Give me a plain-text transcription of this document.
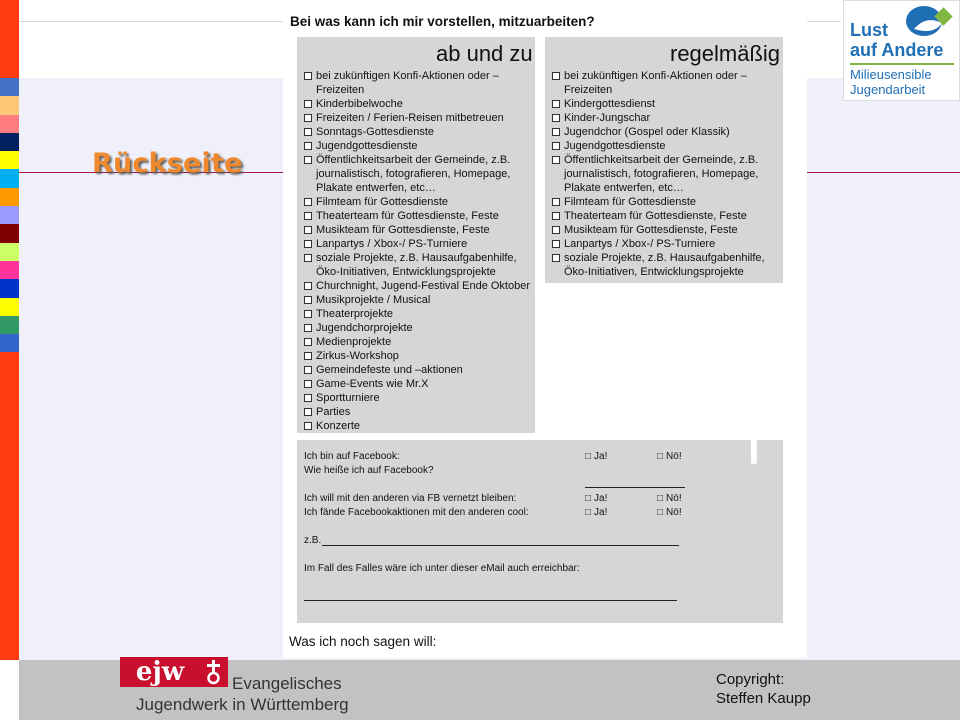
Bei was kann ich mir vorstellen, mitzuarbeiten?
ab und zu
bei zukünftigen Konfi-Aktionen oder –
Freizeiten
Kinderbibelwoche
Freizeiten / Ferien-Reisen mitbetreuen
Sonntags-Gottesdienste
Jugendgottesdienste
Öffentlichkeitsarbeit der Gemeinde, z.B.
journalistisch, fotografieren, Homepage,
Plakate entwerfen, etc…
Filmteam für Gottesdienste
Theaterteam für Gottesdienste, Feste
Musikteam für Gottesdienste, Feste
Lanpartys / Xbox-/ PS-Turniere
soziale Projekte, z.B. Hausaufgabenhilfe,
Öko-Initiativen, Entwicklungsprojekte
Churchnight, Jugend-Festival Ende Oktober
Musikprojekte / Musical
Theaterprojekte
Jugendchorprojekte
Medienprojekte
Zirkus-Workshop
Gemeindefeste und –aktionen
Game-Events wie Mr.X
Sportturniere
Parties
Konzerte
regelmäßig
bei zukünftigen Konfi-Aktionen oder –
Freizeiten
Kindergottesdienst
Kinder-Jungschar
Jugendchor (Gospel oder Klassik)
Jugendgottesdienste
Öffentlichkeitsarbeit der Gemeinde, z.B.
journalistisch, fotografieren, Homepage,
Plakate entwerfen, etc…
Filmteam für Gottesdienste
Theaterteam für Gottesdienste, Feste
Musikteam für Gottesdienste, Feste
Lanpartys / Xbox-/ PS-Turniere
soziale Projekte, z.B. Hausaufgabenhilfe,
Öko-Initiativen, Entwicklungsprojekte
Rückseite
f
Ich bin auf Facebook:	□ Ja!	□ Nö!
Wie heiße ich auf Facebook?
Ich will mit den anderen via FB vernetzt bleiben:	□ Ja!	□ Nö!
Ich fände Facebookaktionen mit den anderen cool:	□ Ja!	□ Nö!
z.B.
Im Fall des Falles wäre ich unter dieser eMail auch erreichbar:
Was ich noch sagen will:
Lust
auf Andere
Milieusensible
Jugendarbeit
ejw	Evangelisches
Jugendwerk in Württemberg
Copyright:
Steffen Kaupp
